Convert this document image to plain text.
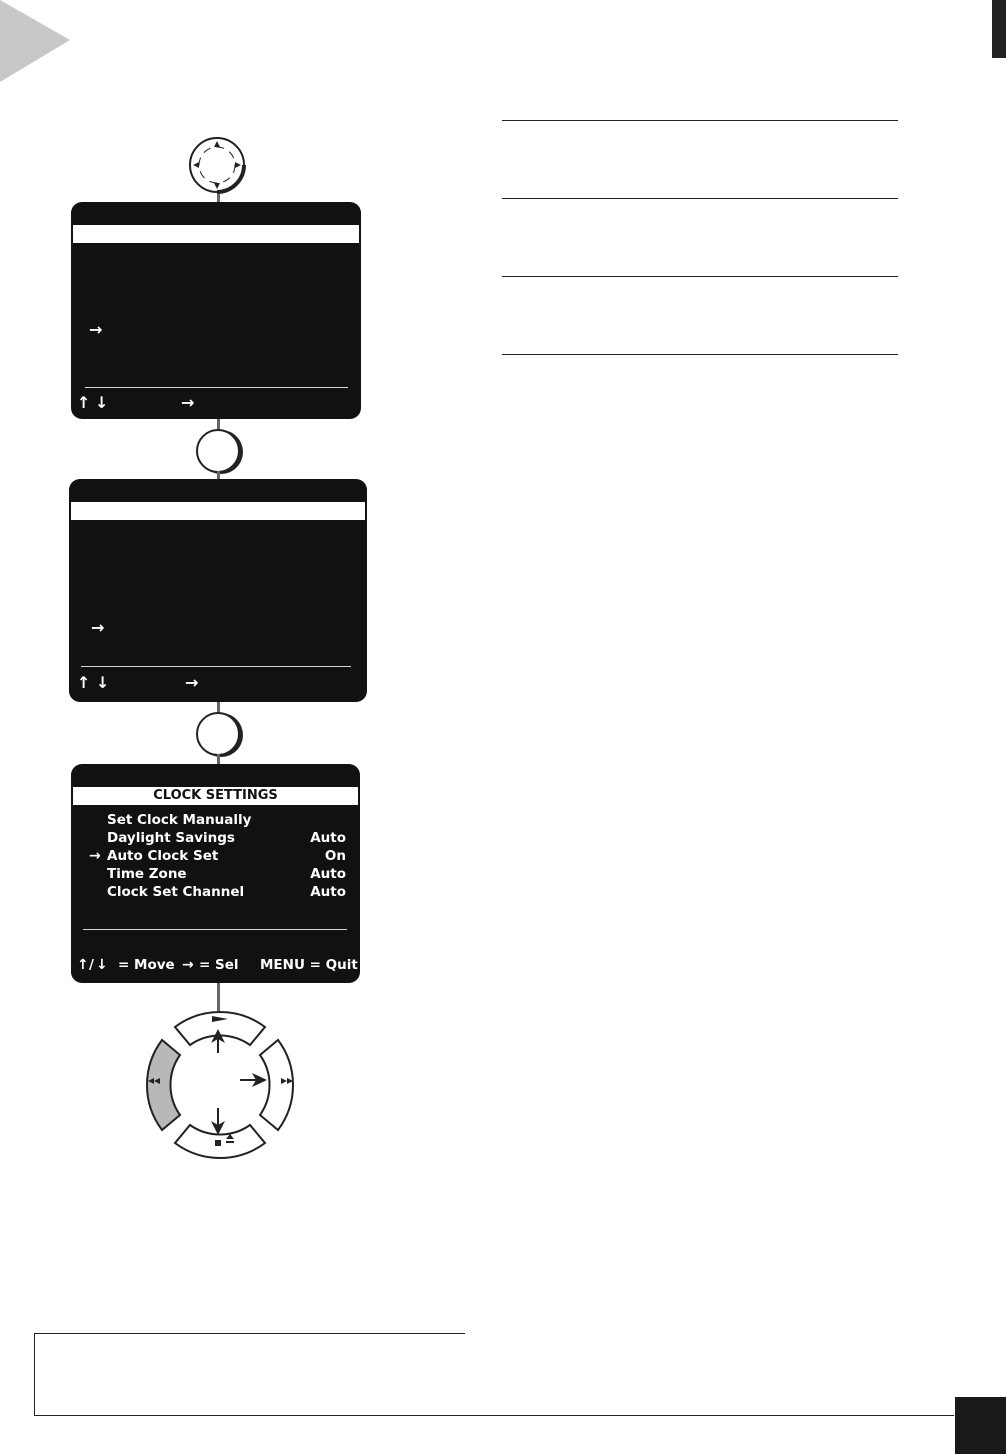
→
↑ ↓	→
→
↑ ↓	→
CLOCK SETTINGS
Set Clock Manually
Daylight Savings	Auto
→ Auto Clock Set	On
Time Zone	Auto
Clock Set Channel	Auto
↑ / ↓ = Move → = Sel MENU = Quit
